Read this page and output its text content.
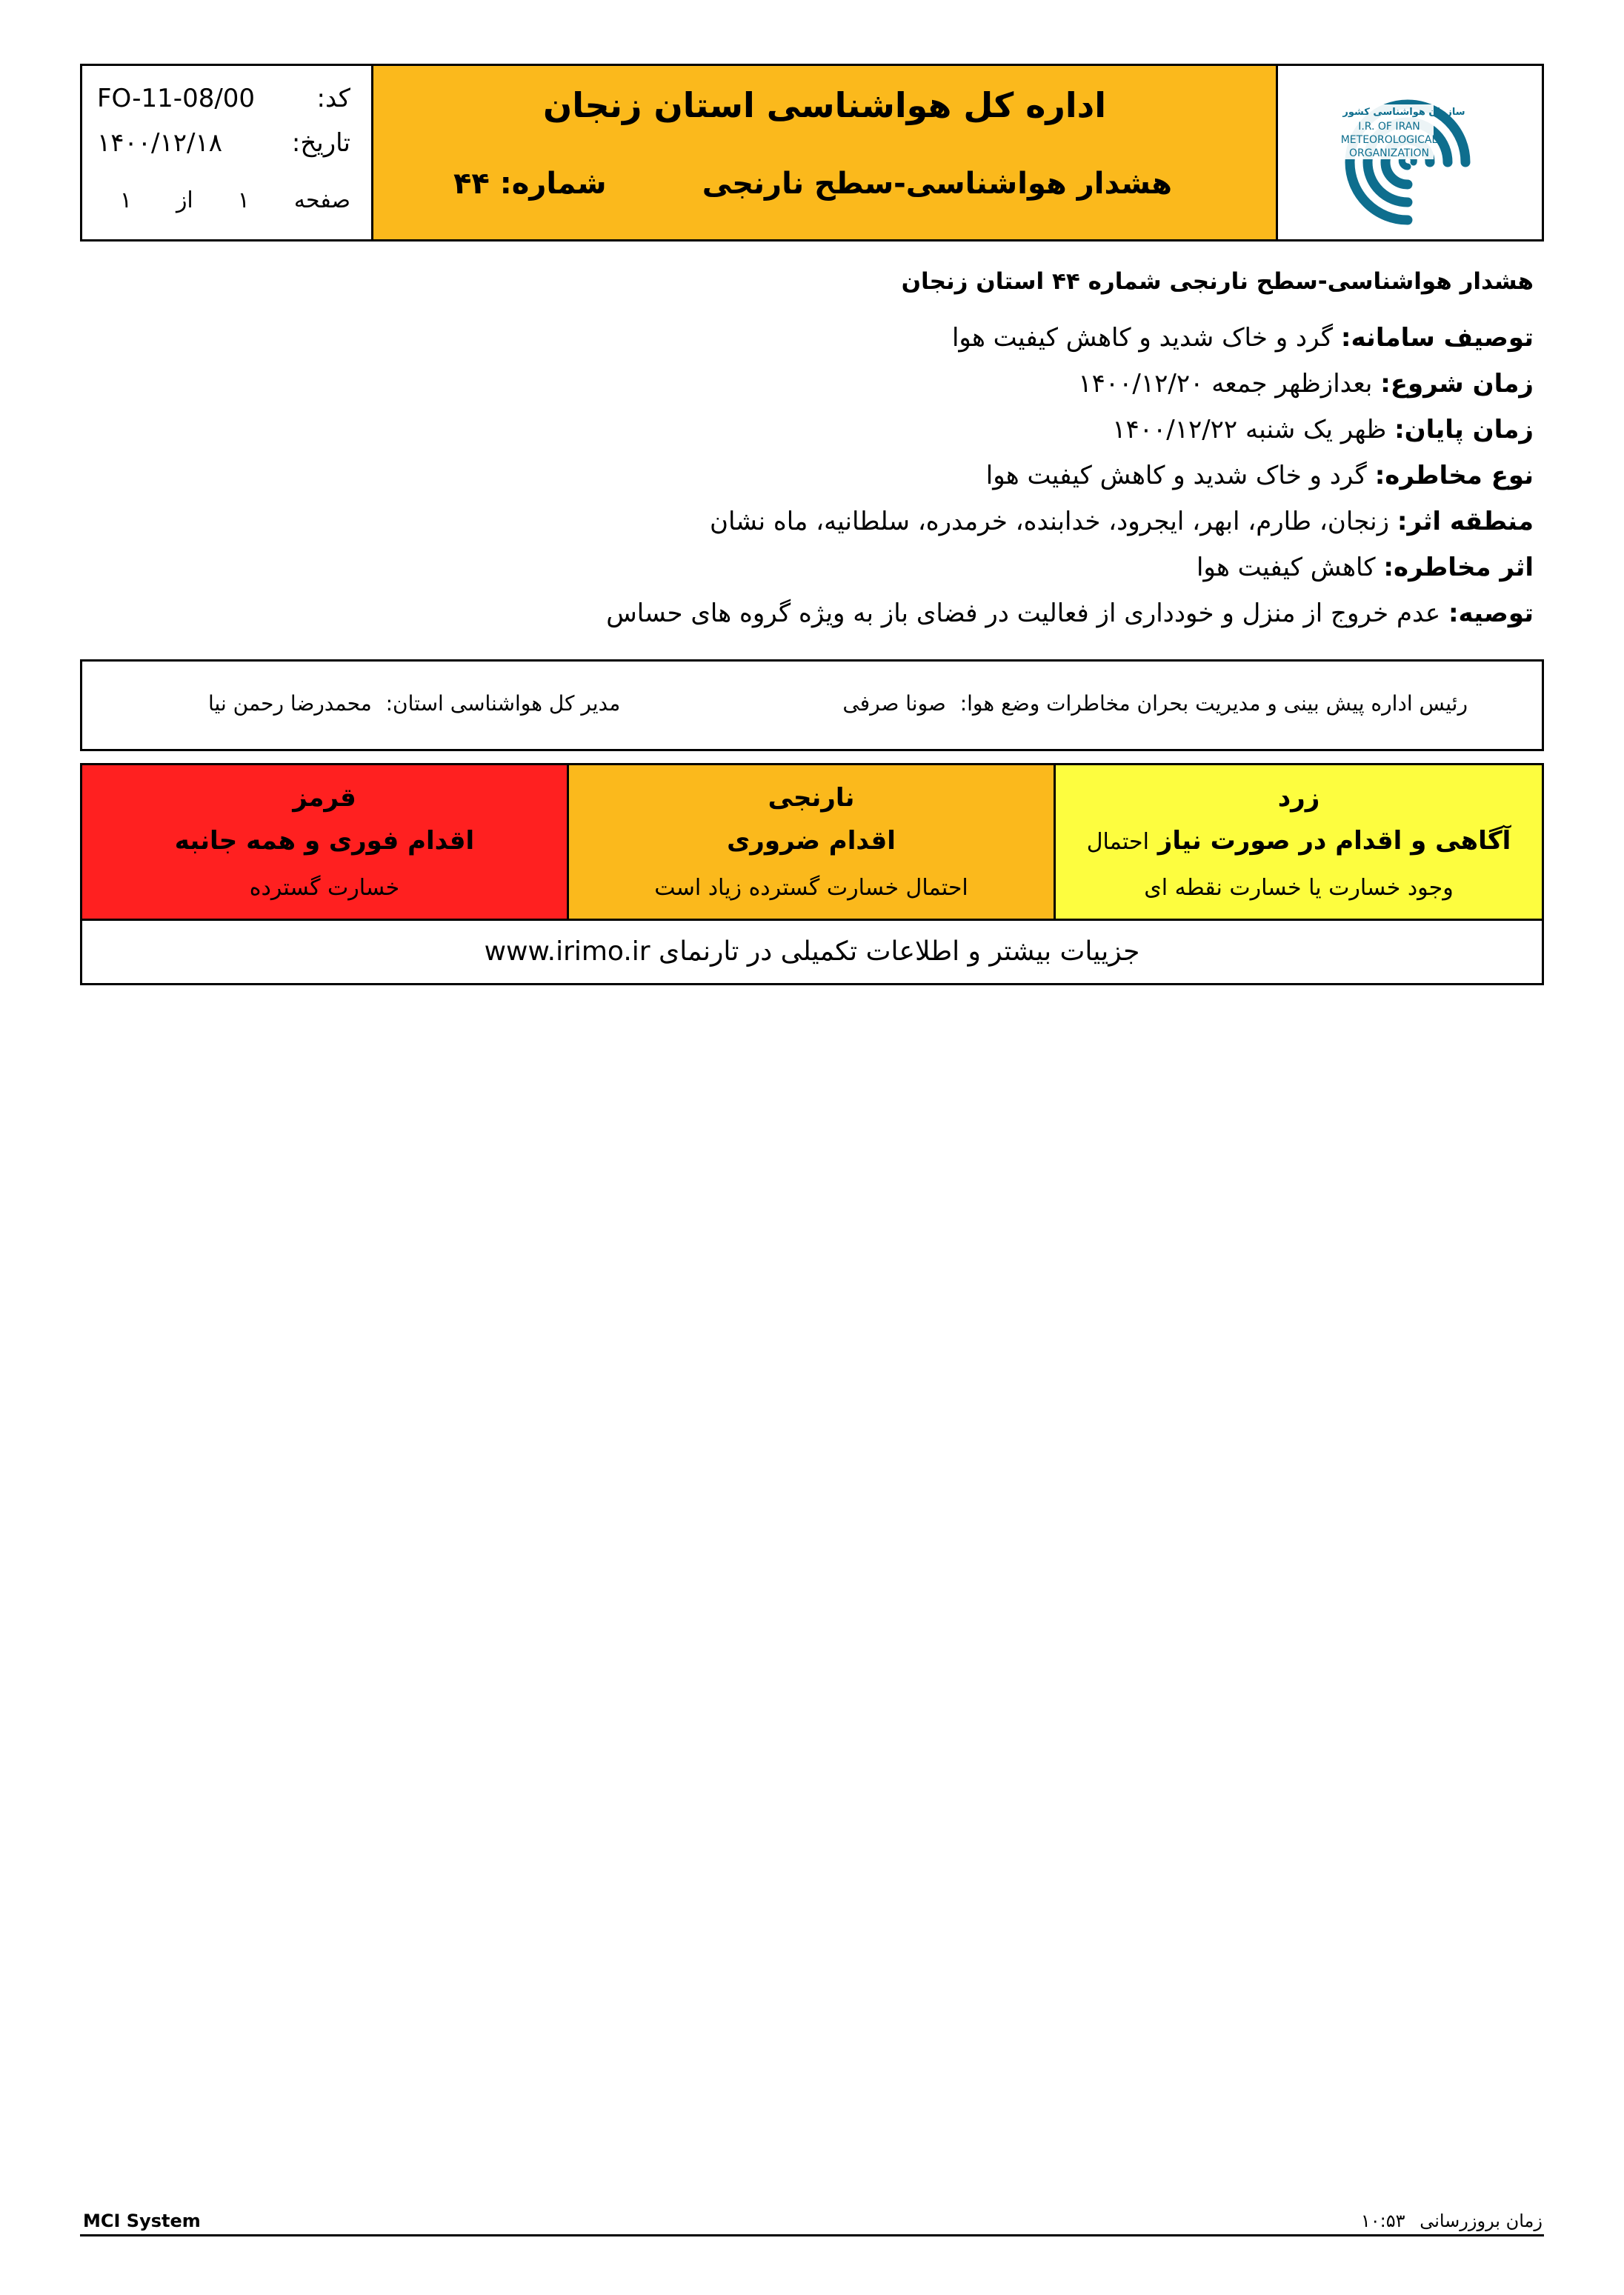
کد:
FO-11-08/00
تاریخ:
۱۴۰۰/۱۲/۱۸
صفحه
۱
از
۱
اداره کل هواشناسی استان زنجان
هشدار هواشناسی-سطح نارنجی
شماره: ۴۴
سازمان هواشناسی کشور
I.R. OF IRAN
METEOROLOGICAL
ORGANIZATION
هشدار هواشناسی-سطح نارنجی شماره ۴۴ استان زنجان
توصیف سامانه: گرد و خاک شدید و کاهش کیفیت هوا
زمان شروع: بعدازظهر جمعه ۱۴۰۰/۱۲/۲۰
زمان پایان: ظهر یک شنبه ۱۴۰۰/۱۲/۲۲
نوع مخاطره: گرد و خاک شدید و کاهش کیفیت هوا
منطقه اثر: زنجان، طارم، ابهر، ایجرود، خدابنده، خرمدره، سلطانیه، ماه نشان
اثر مخاطره: کاهش کیفیت هوا
توصیه: عدم خروج از منزل و خودداری از فعالیت در فضای باز به ویژه گروه های حساس
رئیس اداره پیش بینی و مدیریت بحران مخاطرات وضع هوا: صونا صرفی
مدیر کل هواشناسی استان: محمدرضا رحمن نیا
قرمز
اقدام فوری و همه جانبه
خسارت گسترده
نارنجی
اقدام ضروری
احتمال خسارت گسترده زیاد است
زرد
آگاهی و اقدام در صورت نیاز احتمال
وجود خسارت یا خسارت نقطه ای
جزییات بیشتر و اطلاعات تکمیلی در تارنمای www.irimo.ir
MCI System	زمان بروزرسانی ۱۰:۵۳
